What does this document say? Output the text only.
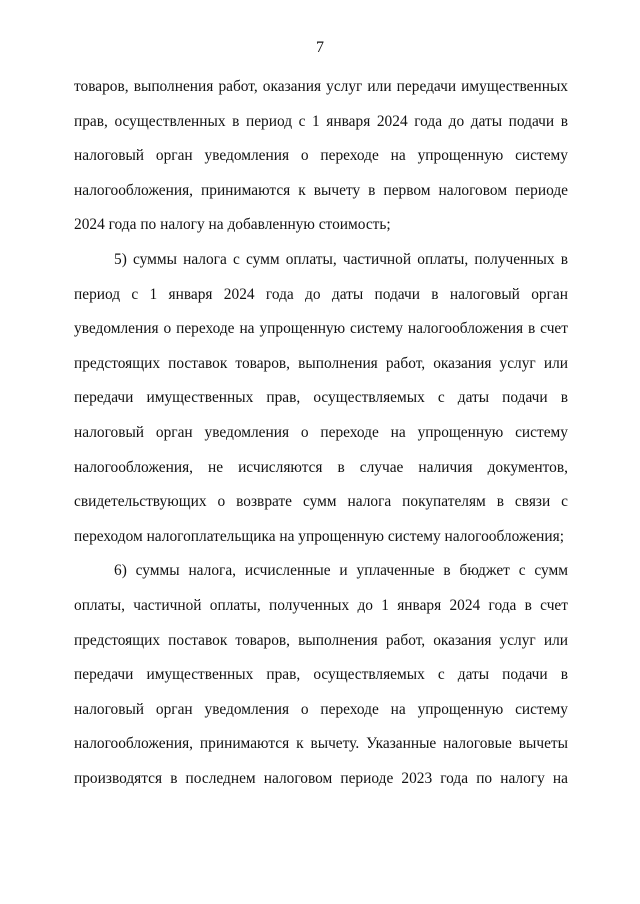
7
товаров, выполнения работ, оказания услуг или передачи имущественных
прав, осуществленных в период с 1 января 2024 года до даты подачи в
налоговый орган уведомления о переходе на упрощенную систему
налогообложения, принимаются к вычету в первом налоговом периоде
2024 года по налогу на добавленную стоимость;
5) суммы налога с сумм оплаты, частичной оплаты, полученных в
период с 1 января 2024 года до даты подачи в налоговый орган
уведомления о переходе на упрощенную систему налогообложения в счет
предстоящих поставок товаров, выполнения работ, оказания услуг или
передачи имущественных прав, осуществляемых с даты подачи в
налоговый орган уведомления о переходе на упрощенную систему
налогообложения, не исчисляются в случае наличия документов,
свидетельствующих о возврате сумм налога покупателям в связи с
переходом налогоплательщика на упрощенную систему налогообложения;
6) суммы налога, исчисленные и уплаченные в бюджет с сумм
оплаты, частичной оплаты, полученных до 1 января 2024 года в счет
предстоящих поставок товаров, выполнения работ, оказания услуг или
передачи имущественных прав, осуществляемых с даты подачи в
налоговый орган уведомления о переходе на упрощенную систему
налогообложения, принимаются к вычету. Указанные налоговые вычеты
производятся в последнем налоговом периоде 2023 года по налогу на
